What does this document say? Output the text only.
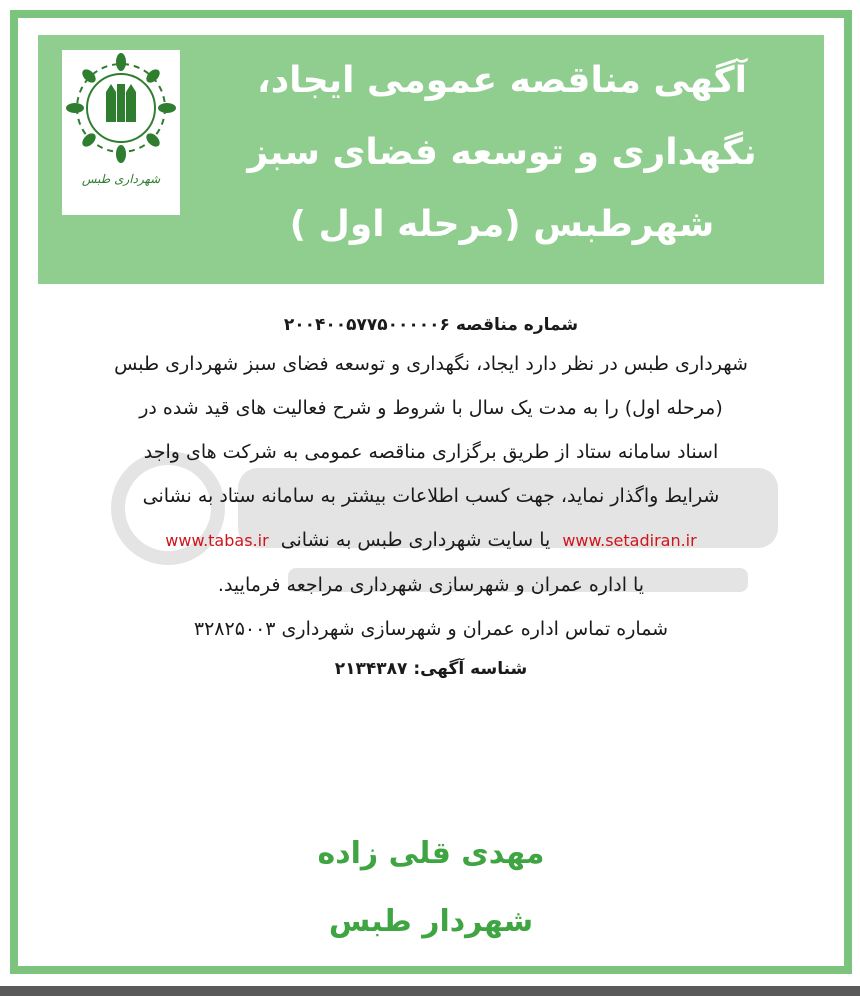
شهرداری طبس
آگهی مناقصه عمومی ایجاد،
نگهداری و توسعه فضای سبز
شهرطبس (مرحله اول )
شماره مناقصه ۲۰۰۴۰۰۵۷۷۵۰۰۰۰۰۶
شهرداری طبس در نظر دارد ایجاد، نگهداری و توسعه فضای سبز شهرداری طبس
(مرحله اول) را به مدت یک سال با شروط و شرح فعالیت های قید شده در
اسناد سامانه ستاد از طریق برگزاری مناقصه عمومی به شرکت های واجد
شرایط واگذار نماید، جهت کسب اطلاعات بیشتر به سامانه ستاد به نشانی
www.setadiran.ir یا سایت شهرداری طبس به نشانی www.tabas.ir
یا اداره عمران و شهرسازی شهرداری مراجعه فرمایید.
شماره تماس اداره عمران و شهرسازی شهرداری ۳۲۸۲۵۰۰۳
شناسه آگهی: ۲۱۳۴۳۸۷
مهدی قلی زاده
شهردار طبس
